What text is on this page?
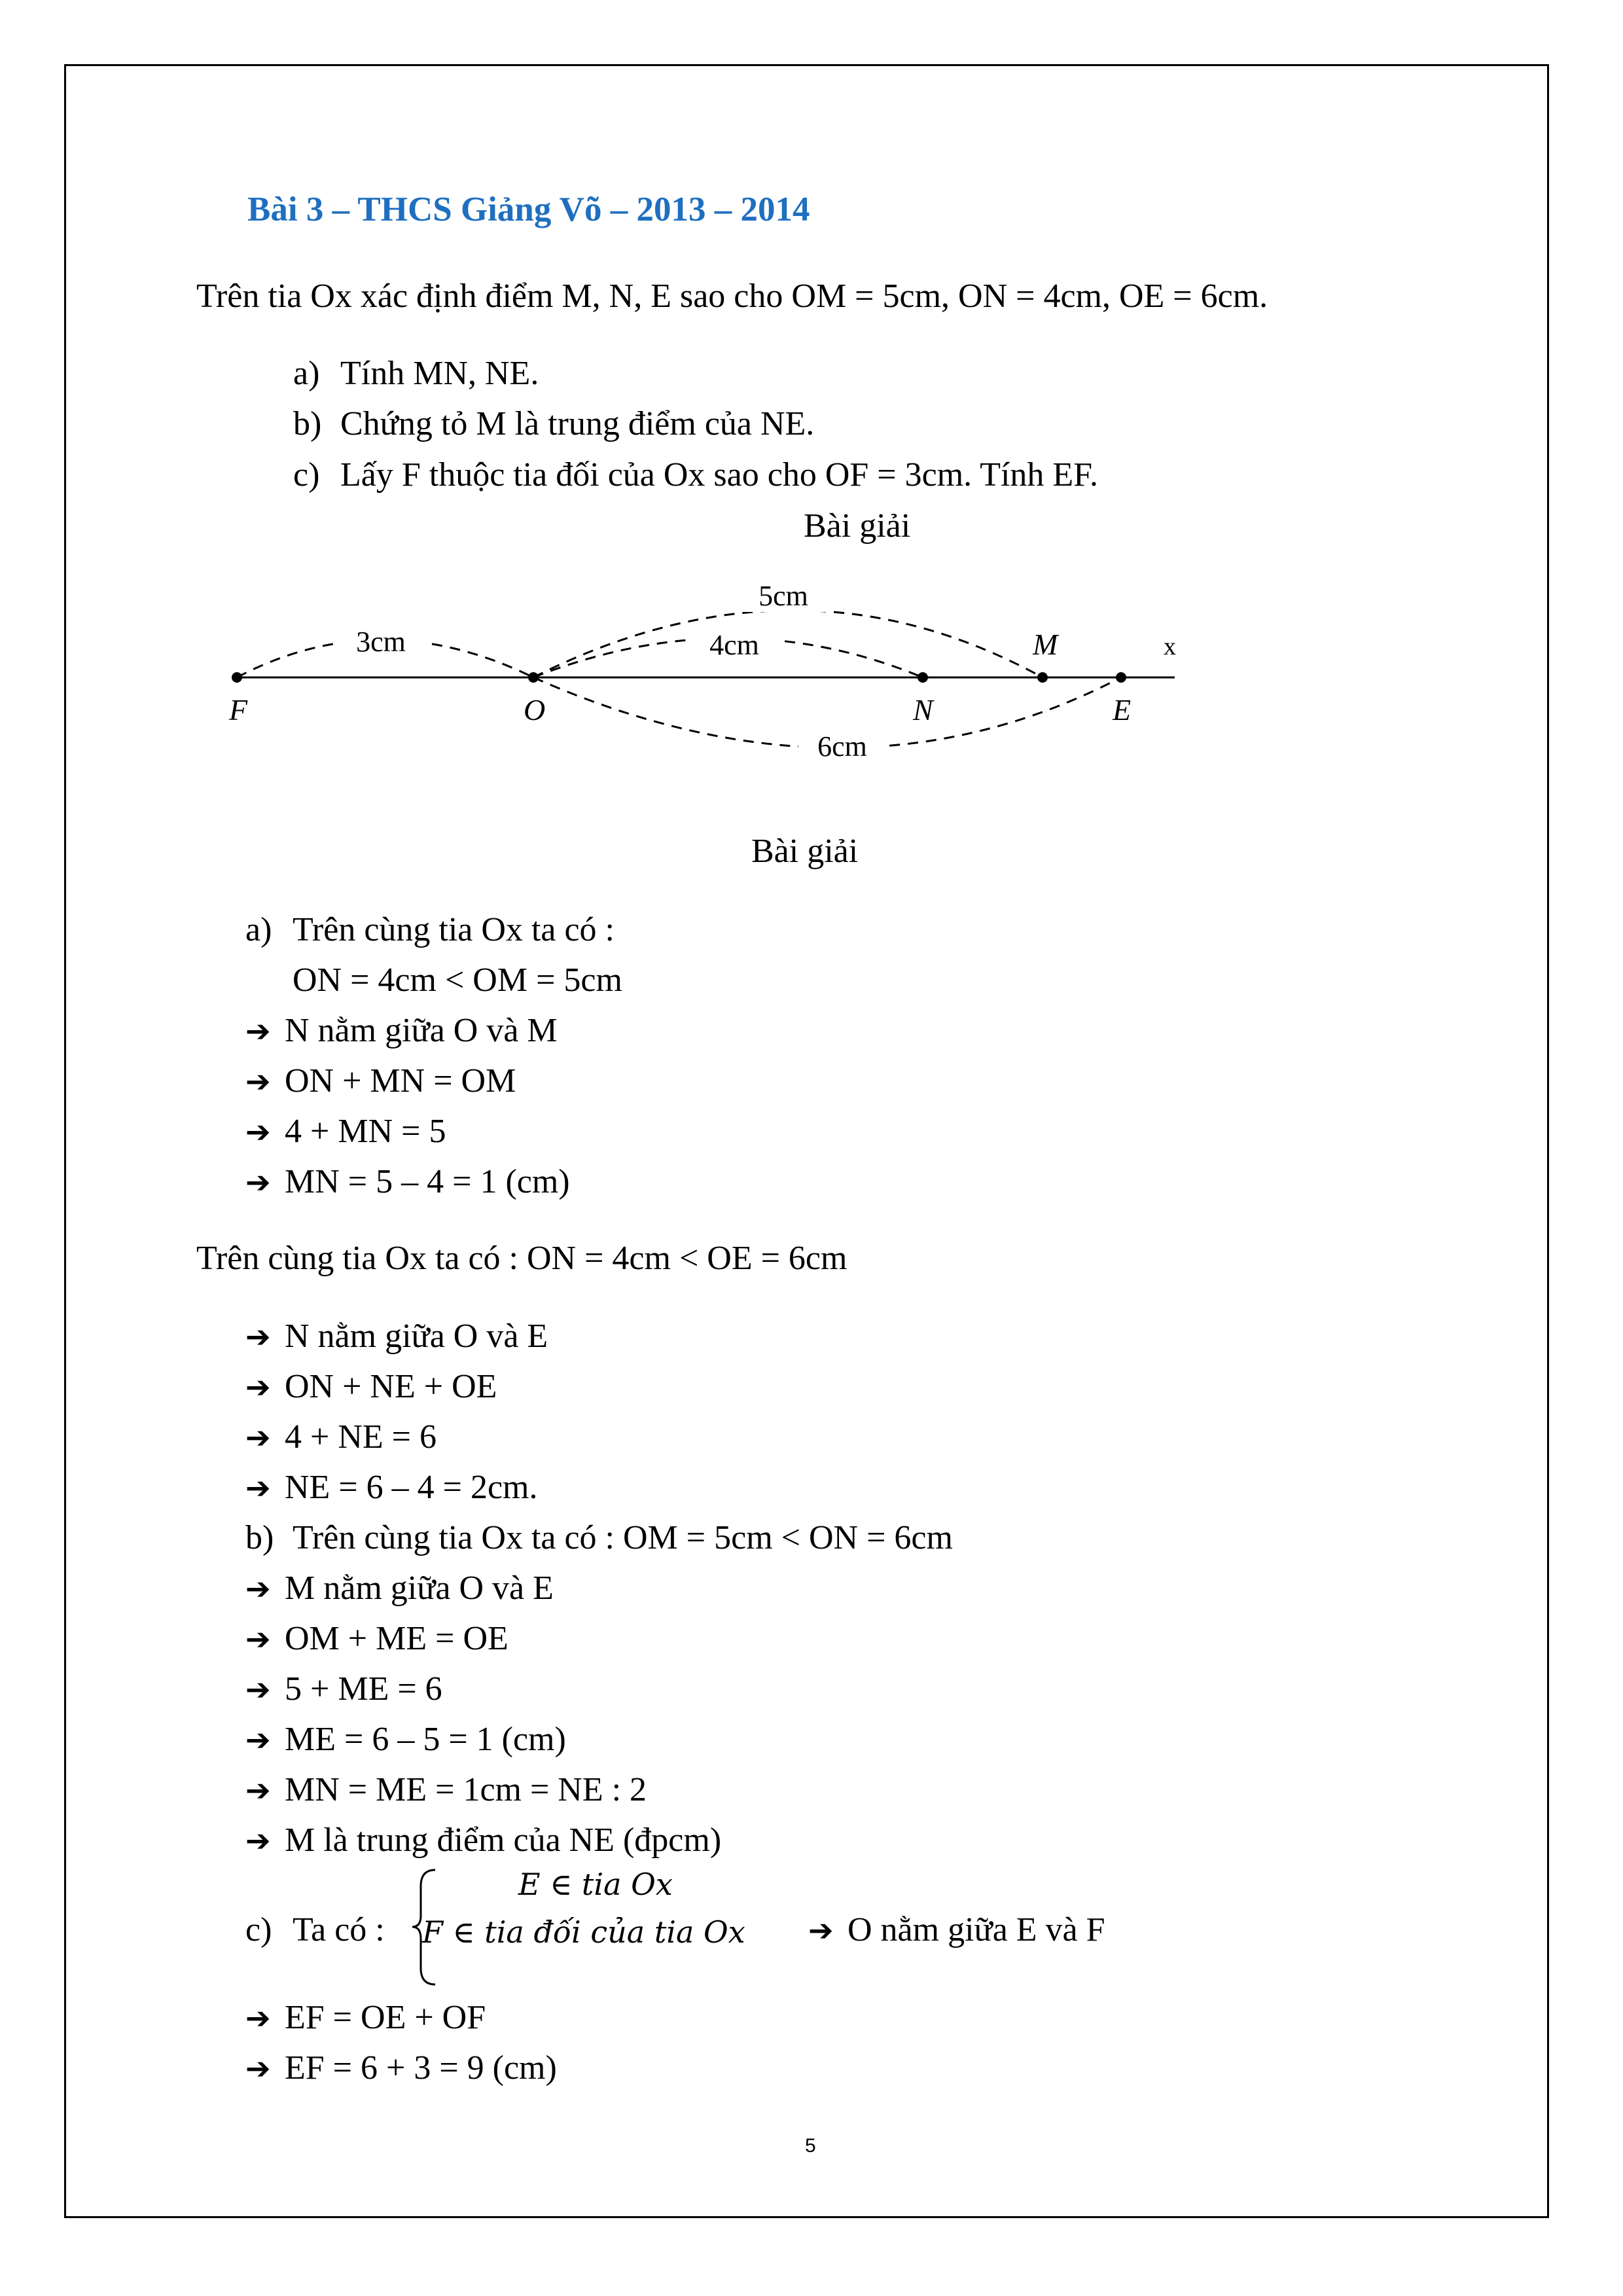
Bài 3 – THCS Giảng Võ – 2013 – 2014
Trên tia Ox xác định điểm M, N, E sao cho OM = 5cm, ON = 4cm, OE = 6cm.
a) Tính MN, NE.
b) Chứng tỏ M là trung điểm của NE.
c) Lấy F thuộc tia đối của Ox sao cho OF = 3cm. Tính EF.
Bài giải
3cm
5cm
4cm
6cm
F	O	N
M
E
x
Bài giải
a) Trên cùng tia Ox ta có :
ON = 4cm < OM = 5cm
➔ N nằm giữa O và M
➔ ON + MN = OM
➔ 4 + MN = 5
➔ MN = 5 – 4 = 1 (cm)
Trên cùng tia Ox ta có : ON = 4cm < OE = 6cm
➔ N nằm giữa O và E
➔ ON + NE + OE
➔ 4 + NE = 6
➔ NE = 6 – 4 = 2cm.
b) Trên cùng tia Ox ta có : OM = 5cm < ON = 6cm
➔ M nằm giữa O và E
➔ OM + ME = OE
➔ 5 + ME = 6
➔ ME = 6 – 5 = 1 (cm)
➔ MN = ME = 1cm = NE : 2
➔ M là trung điểm của NE (đpcm)
c) Ta có :
E ∈ tia Ox
F ∈ tia đối của tia Ox ➔ O nằm giữa E và F
➔ EF = OE + OF
➔ EF = 6 + 3 = 9 (cm)
5
